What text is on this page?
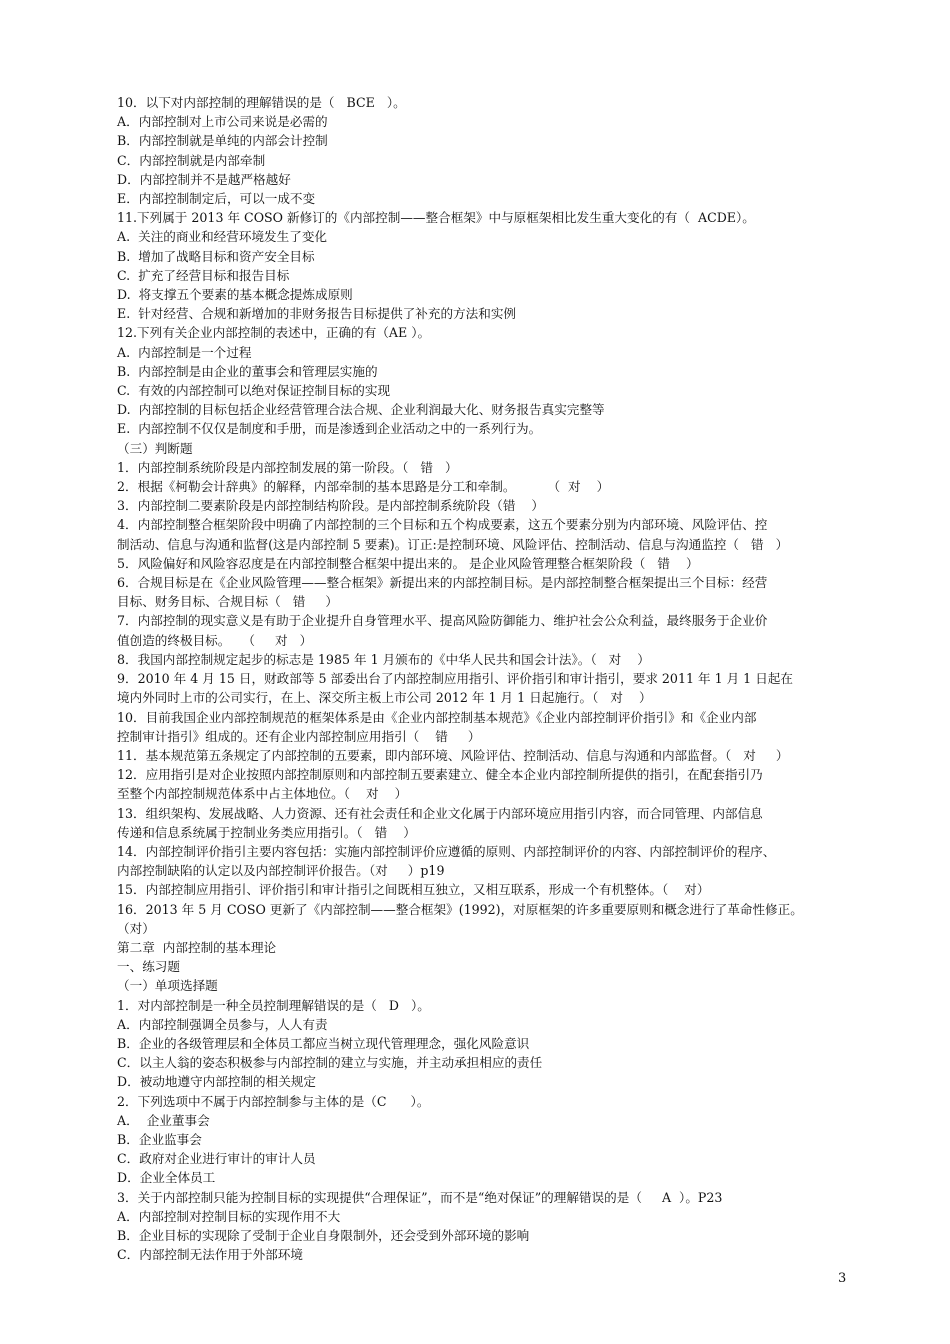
10．以下对内部控制的理解错误的是（   BCE   ）。
A．内部控制对上市公司来说是必需的
B．内部控制就是单纯的内部会计控制
C．内部控制就是内部牵制
D．内部控制并不是越严格越好
E．内部控制制定后，可以一成不变
11.下列属于 2013 年 COSO 新修订的《内部控制——整合框架》中与原框架相比发生重大变化的有（  ACDE）。
A.  关注的商业和经营环境发生了变化
B.  增加了战略目标和资产安全目标
C.  扩充了经营目标和报告目标
D.  将支撑五个要素的基本概念提炼成原则
E.  针对经营、合规和新增加的非财务报告目标提供了补充的方法和实例
12.下列有关企业内部控制的表述中，正确的有（AE ）。
A.  内部控制是一个过程
B.  内部控制是由企业的董事会和管理层实施的
C.  有效的内部控制可以绝对保证控制目标的实现
D.  内部控制的目标包括企业经营管理合法合规、企业利润最大化、财务报告真实完整等
E.  内部控制不仅仅是制度和手册，而是渗透到企业活动之中的一系列行为。
（三）判断题
1．内部控制系统阶段是内部控制发展的第一阶段。（   错   ）
2．根据《柯勒会计辞典》的解释，内部牵制的基本思路是分工和牵制。        （  对    ）
3．内部控制二要素阶段是内部控制结构阶段。是内部控制系统阶段（错    ）
4．内部控制整合框架阶段中明确了内部控制的三个目标和五个构成要素，这五个要素分别为内部环境、风险评估、控
制活动、信息与沟通和监督(这是内部控制 5 要素)。订正:是控制环境、风险评估、控制活动、信息与沟通监控（   错   ）
5．风险偏好和风险容忍度是在内部控制整合框架中提出来的。 是企业风险管理整合框架阶段（   错    ）
6．合规目标是在《企业风险管理——整合框架》新提出来的内部控制目标。是内部控制整合框架提出三个目标：经营
目标、财务目标、合规目标（   错     ）
7．内部控制的现实意义是有助于企业提升自身管理水平、提高风险防御能力、维护社会公众利益，最终服务于企业价
值创造的终极目标。   （     对   ）
8．我国内部控制规定起步的标志是 1985 年 1 月颁布的《中华人民共和国会计法》。（   对    ）
9．2010 年 4 月 15 日，财政部等 5 部委出台了内部控制应用指引、评价指引和审计指引，要求 2011 年 1 月 1 日起在
境内外同时上市的公司实行，在上、深交所主板上市公司 2012 年 1 月 1 日起施行。（   对    ）
10．目前我国企业内部控制规范的框架体系是由《企业内部控制基本规范》《企业内部控制评价指引》和《企业内部
控制审计指引》组成的。还有企业内部控制应用指引（    错     ）
11．基本规范第五条规定了内部控制的五要素，即内部环境、风险评估、控制活动、信息与沟通和内部监督。（   对     ）
12．应用指引是对企业按照内部控制原则和内部控制五要素建立、健全本企业内部控制所提供的指引，在配套指引乃
至整个内部控制规范体系中占主体地位。（    对    ）
13．组织架构、发展战略、人力资源、还有社会责任和企业文化属于内部环境应用指引内容，而合同管理、内部信息
传递和信息系统属于控制业务类应用指引。（   错    ）
14．内部控制评价指引主要内容包括：实施内部控制评价应遵循的原则、内部控制评价的内容、内部控制评价的程序、
内部控制缺陷的认定以及内部控制评价报告。（对     ）p19
15．内部控制应用指引、评价指引和审计指引之间既相互独立，又相互联系，形成一个有机整体。（    对）
16．2013 年 5 月 COSO 更新了《内部控制——整合框架》(1992)，对原框架的许多重要原则和概念进行了革命性修正。
（对）
第二章  内部控制的基本理论
一、练习题
（一）单项选择题
1．对内部控制是一种全员控制理解错误的是（   D   ）。
A．内部控制强调全员参与，人人有责
B．企业的各级管理层和全体员工都应当树立现代管理理念，强化风险意识
C．以主人翁的姿态积极参与内部控制的建立与实施，并主动承担相应的责任
D．被动地遵守内部控制的相关规定
2．下列选项中不属于内部控制参与主体的是（C      ）。
A．  企业董事会
B．企业监事会
C．政府对企业进行审计的审计人员
D．企业全体员工
3．关于内部控制只能为控制目标的实现提供“合理保证”，而不是“绝对保证”的理解错误的是（     A  ）。P23
A．内部控制对控制目标的实现作用不大
B．企业目标的实现除了受制于企业自身限制外，还会受到外部环境的影响
C．内部控制无法作用于外部环境
3
